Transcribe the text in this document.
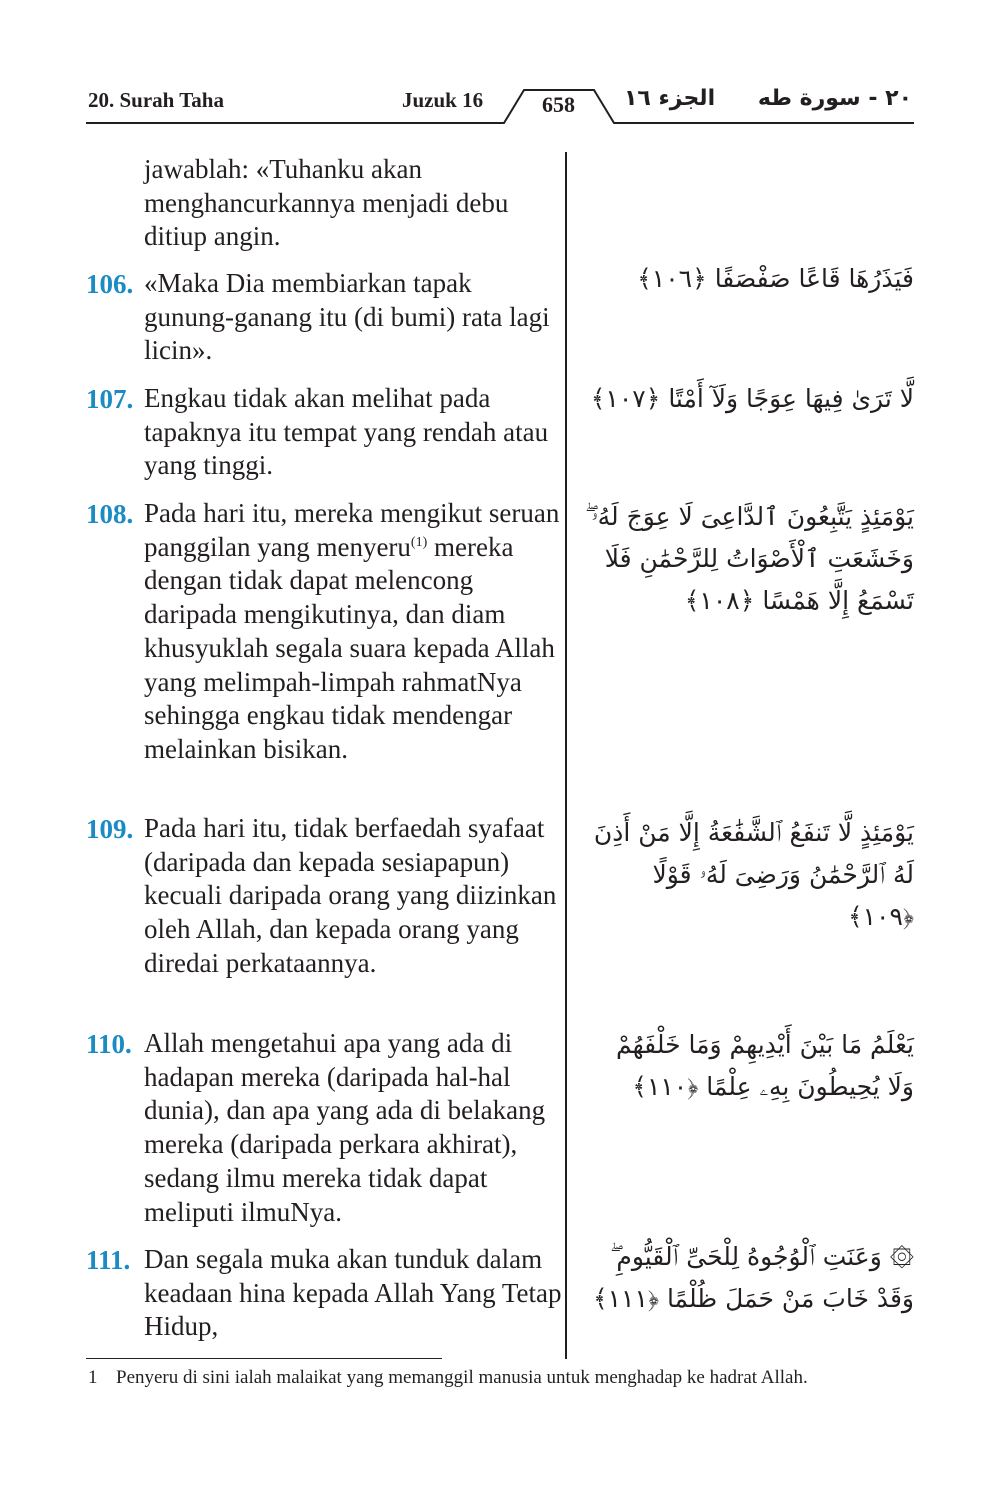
20. Surah Taha	Juzuk 16	658 الجزء ١٦ ٢٠ - سورة طه
jawablah: «Tuhanku akan menghancurkannya menjadi debu ditiup angin.
106. «Maka Dia membiarkan tapak gunung-ganang itu (di bumi) rata lagi licin».
فَيَذَرُهَا قَاعًا صَفْصَفًا ﴿١٠٦﴾
107. Engkau tidak akan melihat pada tapaknya itu tempat yang rendah atau yang tinggi.
لَّا تَرَىٰ فِيهَا عِوَجًا وَلَآ أَمْتًا ﴿١٠٧﴾
108. Pada hari itu, mereka mengikut seruan panggilan yang menyeru$^{(1)}$ mereka dengan tidak dapat melencong daripada mengikutinya, dan diam khusyuklah segala suara kepada Allah yang melimpah-limpah rahmatNya sehingga engkau tidak mendengar melainkan bisikan.
يَوْمَئِذٍ يَتَّبِعُونَ ٱلدَّاعِىَ لَا عِوَجَ لَهُۥ ۖ وَخَشَعَتِ ٱلْأَصْوَاتُ لِلرَّحْمَٰنِ فَلَا تَسْمَعُ إِلَّا هَمْسًا ﴿١٠٨﴾
109. Pada hari itu, tidak berfaedah syafaat (daripada dan kepada sesiapapun) kecuali daripada orang yang diizinkan oleh Allah, dan kepada orang yang diredai perkataannya.
يَوْمَئِذٍ لَّا تَنفَعُ ٱلشَّفَٰعَةُ إِلَّا مَنْ أَذِنَ لَهُ ٱلرَّحْمَٰنُ وَرَضِىَ لَهُۥ قَوْلًا ﴿١٠٩﴾
110. Allah mengetahui apa yang ada di hadapan mereka (daripada hal-hal dunia), dan apa yang ada di belakang mereka (daripada perkara akhirat), sedang ilmu mereka tidak dapat meliputi ilmuNya.
يَعْلَمُ مَا بَيْنَ أَيْدِيهِمْ وَمَا خَلْفَهُمْ وَلَا يُحِيطُونَ بِهِۦ عِلْمًا ﴿١١٠﴾
111. Dan segala muka akan tunduk dalam keadaan hina kepada Allah Yang Tetap Hidup,
۞ وَعَنَتِ ٱلْوُجُوهُ لِلْحَىِّ ٱلْقَيُّومِ ۖ وَقَدْ خَابَ مَنْ حَمَلَ ظُلْمًا ﴿١١١﴾
1 Penyeru di sini ialah malaikat yang memanggil manusia untuk menghadap ke hadrat Allah.
